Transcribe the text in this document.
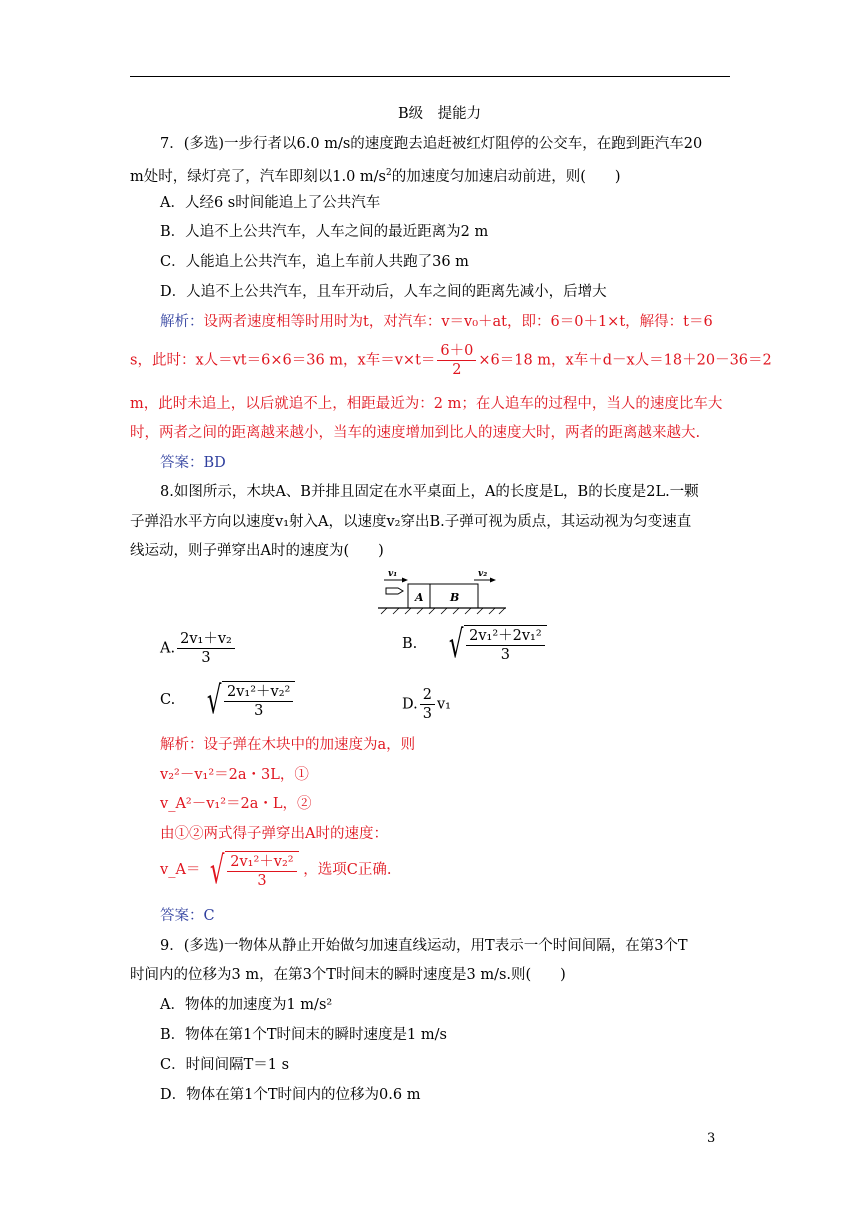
B级　提能力
7．(多选)一步行者以6.0 m/s的速度跑去追赶被红灯阻停的公交车，在跑到距汽车20
m处时，绿灯亮了，汽车即刻以1.0 $m/s^2$的加速度匀加速启动前进，则(　　)
A．人经6 s时间能追上了公共汽车
B．人追不上公共汽车，人车之间的最近距离为2 m
C．人能追上公共汽车，追上车前人共跑了36 m
D．人追不上公共汽车，且车开动后，人车之间的距离先减小，后增大
解析：设两者速度相等时用时为t，对汽车：v＝v₀＋at，即：6＝0＋1×t，解得：t＝6
s，此时：x人＝vt＝6×6＝36 m，x车$=v\times t= \frac{6+0}{2} \times 6=18$ m，x车＋d－x人＝18＋20－36＝2
m，此时未追上，以后就追不上，相距最近为：2 m；在人追车的过程中，当人的速度比车大
时，两者之间的距离越来越小，当车的速度增加到比人的速度大时，两者的距离越来越大.
答案：BD
8.如图所示，木块A、B并排且固定在水平桌面上，A的长度是L，B的长度是2L.一颗
子弹沿水平方向以速度v₁射入A，以速度v₂穿出B.子弹可视为质点，其运动视为匀变速直
线运动，则子弹穿出A时的速度为(　　)
v₁	v₂
A B
A. $\frac{\text{2v₁＋v₂}}{3}$	B. √ $\frac{\text{2v₁²＋2v₁²}}{3}$
C. √ $\frac{\text{2v₁²＋v₂²}}{3}$	D. $\frac{2}{3} v_1$
解析：设子弹在木块中的加速度为a，则
v₂²－v₁²＝2a・3L，①
v_A²－v₁²＝2a・L，②
由①②两式得子弹穿出A时的速度：
v_A＝ √ $\frac{\text{2v₁²＋v₂²}}{3}$ ，选项C正确.
答案：C
9．(多选)一物体从静止开始做匀加速直线运动，用T表示一个时间间隔，在第3个T
时间内的位移为3 m，在第3个T时间末的瞬时速度是3 m/s.则(　　)
A．物体的加速度为1 m/s²
B．物体在第1个T时间末的瞬时速度是1 m/s
C．时间间隔T＝1 s
D．物体在第1个T时间内的位移为0.6 m
3
